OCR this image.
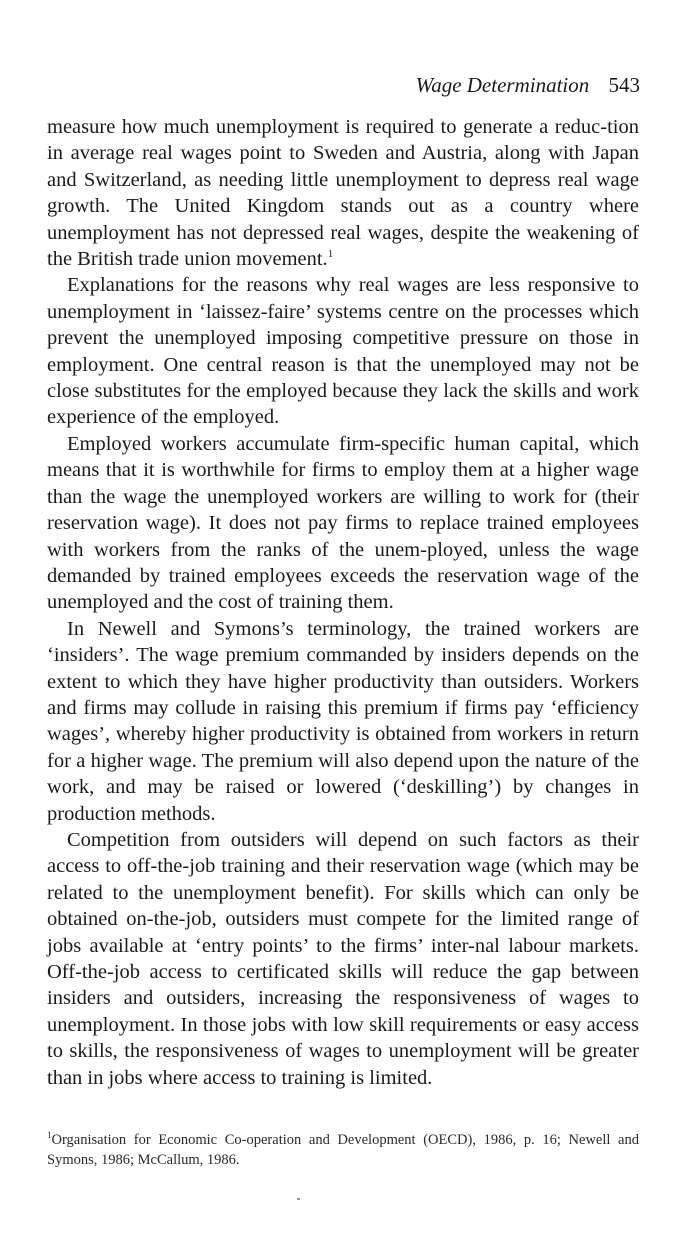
Wage Determination 543

measure how much unemployment is required to generate a reduc-tion in average real wages point to Sweden and Austria, along with Japan and Switzerland, as needing little unemployment to depress real wage growth. The United Kingdom stands out as a country where unemployment has not depressed real wages, despite the weakening of the British trade union movement.$^1$

Explanations for the reasons why real wages are less responsive to unemployment in ‘laissez-faire’ systems centre on the processes which prevent the unemployed imposing competitive pressure on those in employment. One central reason is that the unemployed may not be close substitutes for the employed because they lack the skills and work experience of the employed.

Employed workers accumulate firm-specific human capital, which means that it is worthwhile for firms to employ them at a higher wage than the wage the unemployed workers are willing to work for (their reservation wage). It does not pay firms to replace trained employees with workers from the ranks of the unem-ployed, unless the wage demanded by trained employees exceeds the reservation wage of the unemployed and the cost of training them.

In Newell and Symons’s terminology, the trained workers are ‘insiders’. The wage premium commanded by insiders depends on the extent to which they have higher productivity than outsiders. Workers and firms may collude in raising this premium if firms pay ‘efficiency wages’, whereby higher productivity is obtained from workers in return for a higher wage. The premium will also depend upon the nature of the work, and may be raised or lowered (‘deskilling’) by changes in production methods.

Competition from outsiders will depend on such factors as their access to off-the-job training and their reservation wage (which may be related to the unemployment benefit). For skills which can only be obtained on-the-job, outsiders must compete for the limited range of jobs available at ‘entry points’ to the firms’ inter-nal labour markets. Off-the-job access to certificated skills will reduce the gap between insiders and outsiders, increasing the responsiveness of wages to unemployment. In those jobs with low skill requirements or easy access to skills, the responsiveness of wages to unemployment will be greater than in jobs where access to training is limited.

$^1$Organisation for Economic Co-operation and Development (OECD), 1986, p. 16; Newell and Symons, 1986; McCallum, 1986.
